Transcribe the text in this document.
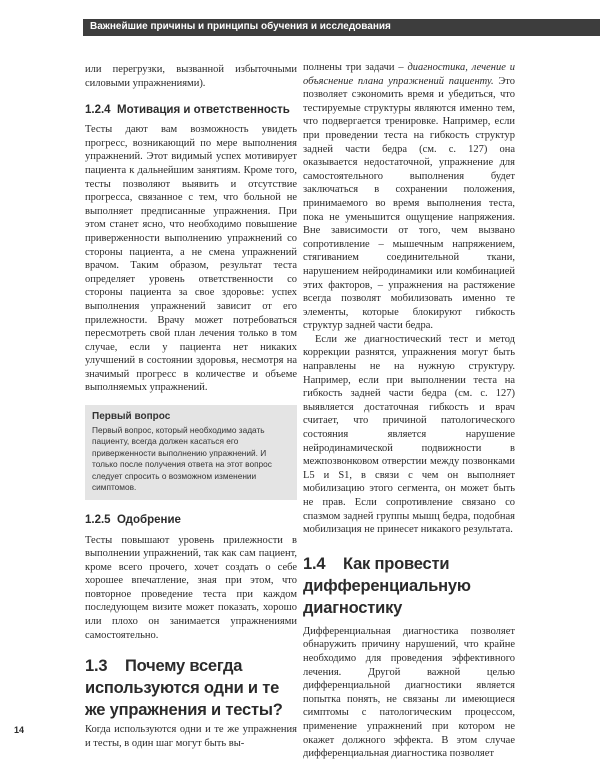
Важнейшие причины и принципы обучения и исследования

или перегрузки, вызванной избыточными силовыми упражнениями).

1.2.4 Мотивация и ответственность

Тесты дают вам возможность увидеть прогресс, возникающий по мере выполнения упражнений. Этот видимый успех мотивирует пациента к дальнейшим занятиям. Кроме того, тесты позволяют выявить и отсутствие прогресса, связанное с тем, что больной не выполняет предписанные упражнения. При этом станет ясно, что необходимо повышение приверженности выполнению упражнений со стороны пациента, а не смена упражнений врачом. Таким образом, результат теста определяет уровень ответственности со стороны пациента за свое здоровье: успех выполнения упражнений зависит от его прилежности. Врачу может потребоваться пересмотреть свой план лечения только в том случае, если у пациента нет никаких улучшений в состоянии здоровья, несмотря на значимый прогресс в количестве и объеме выполняемых упражнений.

Первый вопрос
Первый вопрос, который необходимо задать пациенту, всегда должен касаться его приверженности выполнению упражнений. И только после получения ответа на этот вопрос следует спросить о возможном изменении симптомов.
1.2.5 Одобрение

Тесты повышают уровень прилежности в выполнении упражнений, так как сам пациент, кроме всего прочего, хочет создать о себе хорошее впечатление, зная при этом, что повторное проведение теста при каждом последующем визите может показать, хорошо или плохо он занимается упражнениями самостоятельно.

1.3 Почему всегда используются одни и те же упражнения и тесты?

Когда используются одни и те же упражнения и тесты, в один шаг могут быть вы-

полнены три задачи – диагностика, лечение и объяснение плана упражнений пациенту. Это позволяет сэкономить время и убедиться, что тестируемые структуры являются именно тем, что подвергается тренировке. Например, если при проведении теста на гибкость структур задней части бедра (см. с. 127) она оказывается недостаточной, упражнение для самостоятельного выполнения будет заключаться в сохранении положения, принимаемого во время выполнения теста, пока не уменьшится ощущение напряжения. Вне зависимости от того, чем вызвано сопротивление – мышечным напряжением, стягиванием соединительной ткани, нарушением нейродинамики или комбинацией этих факторов, – упражнения на растяжение всегда позволят мобилизовать именно те элементы, которые блокируют гибкость структур задней части бедра.

Если же диагностический тест и метод коррекции разнятся, упражнения могут быть направлены не на нужную структуру. Например, если при выполнении теста на гибкость задней части бедра (см. с. 127) выявляется достаточная гибкость и врач считает, что причиной патологического состояния является нарушение нейродинамической подвижности в межпозвонковом отверстии между позвонками L5 и S1, в связи с чем он выполняет мобилизацию этого сегмента, он может быть не прав. Если сопротивление связано со спазмом задней группы мышц бедра, подобная мобилизация не принесет никакого результата.

1.4 Как провести дифференциальную диагностику

Дифференциальная диагностика позволяет обнаружить причину нарушений, что крайне необходимо для проведения эффективного лечения. Другой важной целью дифференциальной диагностики является попытка понять, не связаны ли имеющиеся симптомы с патологическим процессом, применение упражнений при котором не окажет должного эффекта. В этом случае дифференциальная диагностика позволяет

14
